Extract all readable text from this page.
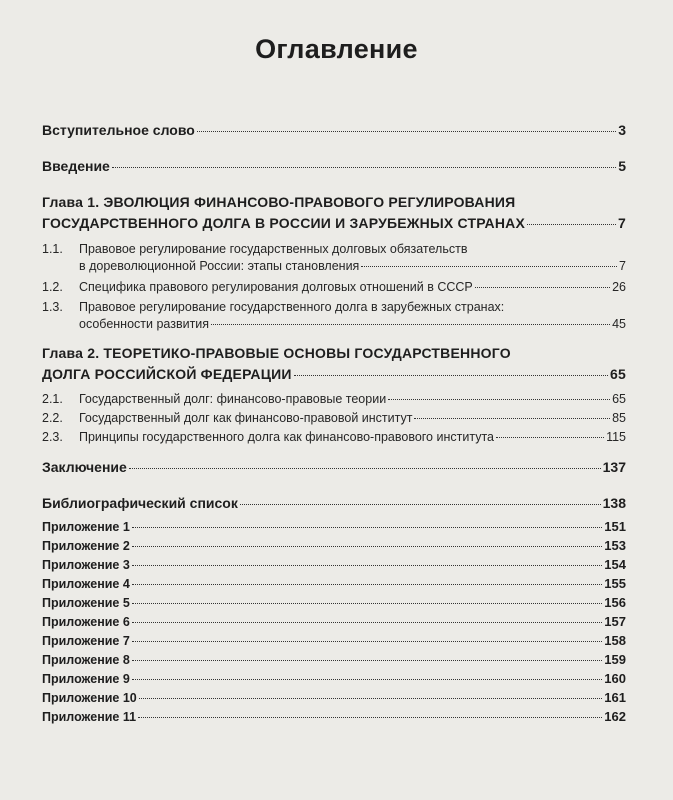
Оглавление
Вступительное слово	3
Введение	5
Глава 1. ЭВОЛЮЦИЯ ФИНАНСОВО-ПРАВОВОГО РЕГУЛИРОВАНИЯ
ГОСУДАРСТВЕННОГО ДОЛГА В РОССИИ И ЗАРУБЕЖНЫХ СТРАНАХ	7
1.1. Правовое регулирование государственных долговых обязательств
в дореволюционной России: этапы становления	7
1.2. Специфика правового регулирования долговых отношений в СССР	26
1.3. Правовое регулирование государственного долга в зарубежных странах:
особенности развития	45
Глава 2. ТЕОРЕТИКО-ПРАВОВЫЕ ОСНОВЫ ГОСУДАРСТВЕННОГО
ДОЛГА РОССИЙСКОЙ ФЕДЕРАЦИИ	65
2.1. Государственный долг: финансово-правовые теории	65
2.2. Государственный долг как финансово-правовой институт	85
2.3. Принципы государственного долга как финансово-правового института	115
Заключение	137
Библиографический список	138
Приложение 1	151
Приложение 2	153
Приложение 3	154
Приложение 4	155
Приложение 5	156
Приложение 6	157
Приложение 7	158
Приложение 8	159
Приложение 9	160
Приложение 10	161
Приложение 11	162
